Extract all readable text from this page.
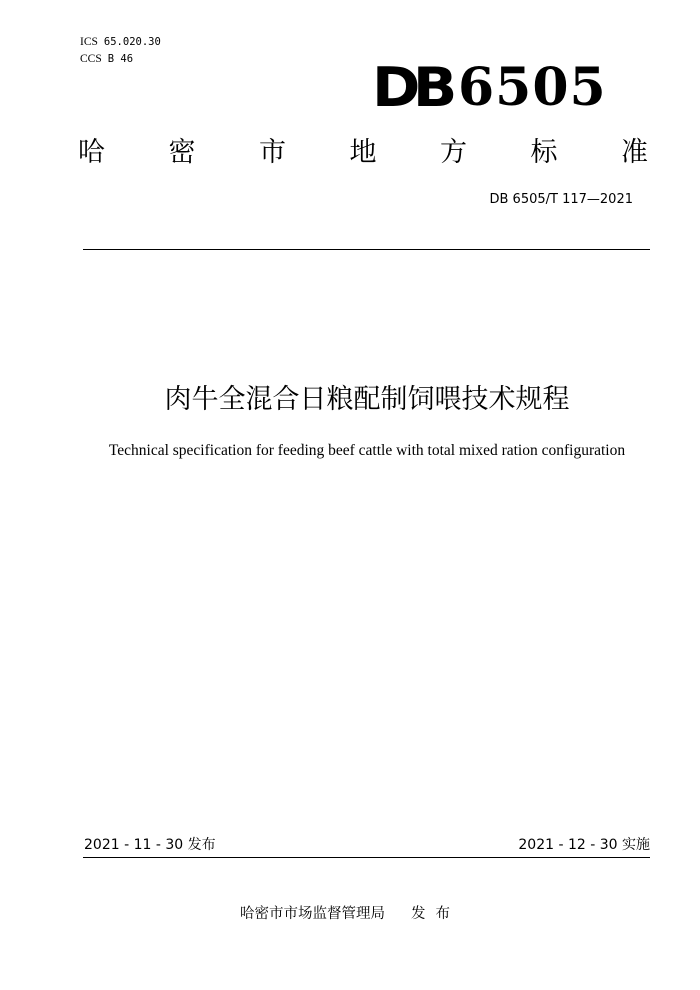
ICS 65.020.30
CCS B 46	DB 6505
哈 密 市 地 方 标 准
DB 6505/T 117—2021
肉牛全混合日粮配制饲喂技术规程
Technical specification for feeding beef cattle with total mixed ration configuration
2021 - 11 - 30 发布	2021 - 12 - 30 实施
哈密市市场监督管理局 发布
